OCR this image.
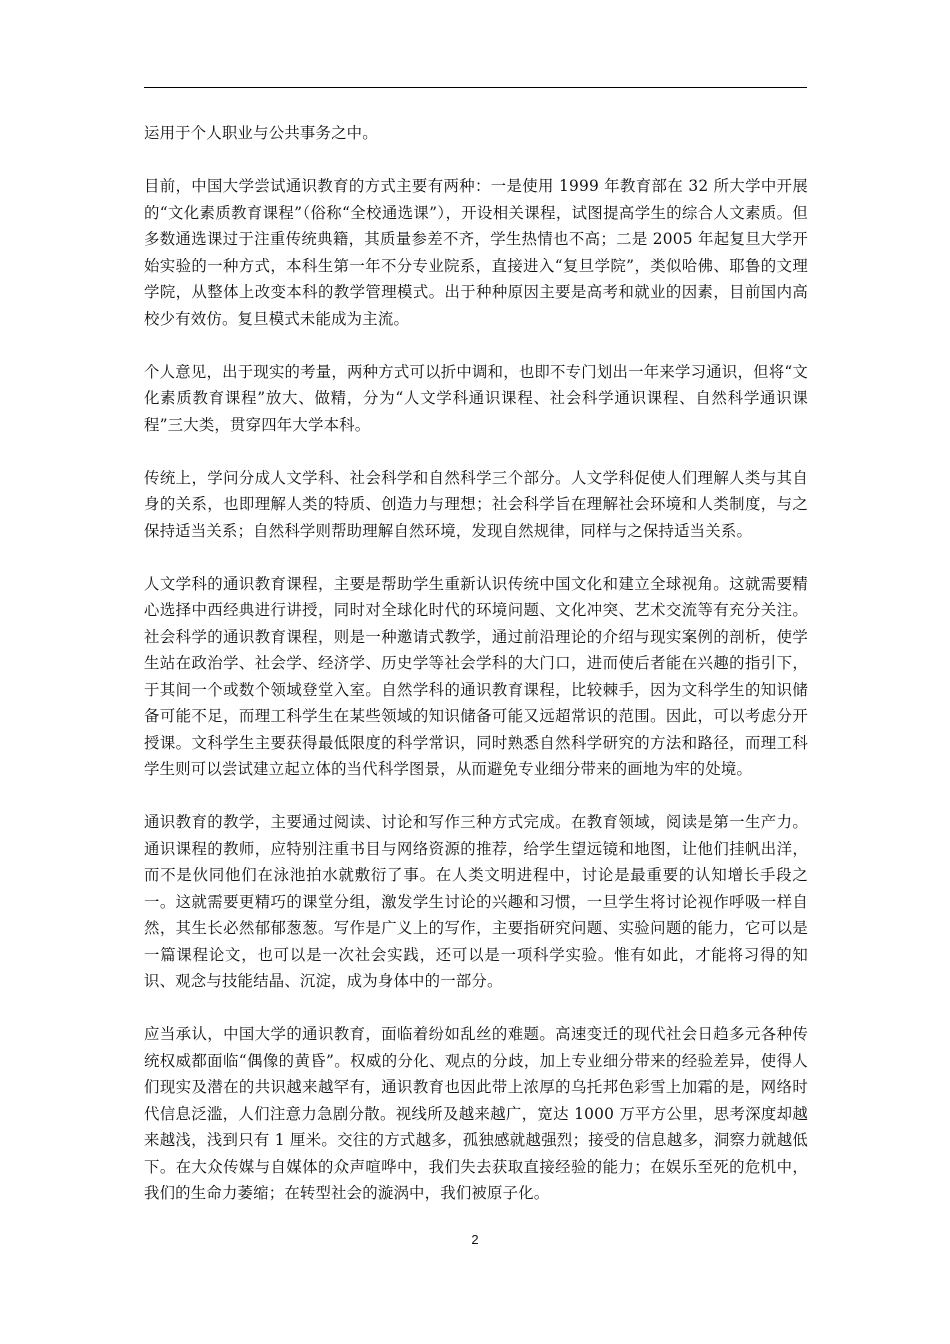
运用于个人职业与公共事务之中。

目前，中国大学尝试通识教育的方式主要有两种：一是使用 1999 年教育部在 32 所大学中开展的“文化素质教育课程”（俗称“全校通选课”），开设相关课程，试图提高学生的综合人文素质。但多数通选课过于注重传统典籍，其质量参差不齐，学生热情也不高；二是 2005 年起复旦大学开始实验的一种方式，本科生第一年不分专业院系，直接进入“复旦学院”，类似哈佛、耶鲁的文理学院，从整体上改变本科的教学管理模式。出于种种原因主要是高考和就业的因素，目前国内高校少有效仿。复旦模式未能成为主流。

个人意见，出于现实的考量，两种方式可以折中调和，也即不专门划出一年来学习通识，但将“文化素质教育课程”放大、做精，分为“人文学科通识课程、社会科学通识课程、自然科学通识课程”三大类，贯穿四年大学本科。

传统上，学问分成人文学科、社会科学和自然科学三个部分。人文学科促使人们理解人类与其自身的关系，也即理解人类的特质、创造力与理想；社会科学旨在理解社会环境和人类制度，与之保持适当关系；自然科学则帮助理解自然环境，发现自然规律，同样与之保持适当关系。

人文学科的通识教育课程，主要是帮助学生重新认识传统中国文化和建立全球视角。这就需要精心选择中西经典进行讲授，同时对全球化时代的环境问题、文化冲突、艺术交流等有充分关注。社会科学的通识教育课程，则是一种邀请式教学，通过前沿理论的介绍与现实案例的剖析，使学生站在政治学、社会学、经济学、历史学等社会学科的大门口，进而使后者能在兴趣的指引下，于其间一个或数个领域登堂入室。自然学科的通识教育课程，比较棘手，因为文科学生的知识储备可能不足，而理工科学生在某些领域的知识储备可能又远超常识的范围。因此，可以考虑分开授课。文科学生主要获得最低限度的科学常识，同时熟悉自然科学研究的方法和路径，而理工科学生则可以尝试建立起立体的当代科学图景，从而避免专业细分带来的画地为牢的处境。

通识教育的教学，主要通过阅读、讨论和写作三种方式完成。在教育领域，阅读是第一生产力。通识课程的教师，应特别注重书目与网络资源的推荐，给学生望远镜和地图，让他们挂帆出洋，而不是伙同他们在泳池拍水就敷衍了事。在人类文明进程中，讨论是最重要的认知增长手段之一。这就需要更精巧的课堂分组，激发学生讨论的兴趣和习惯，一旦学生将讨论视作呼吸一样自然，其生长必然郁郁葱葱。写作是广义上的写作，主要指研究问题、实验问题的能力，它可以是一篇课程论文，也可以是一次社会实践，还可以是一项科学实验。惟有如此，才能将习得的知识、观念与技能结晶、沉淀，成为身体中的一部分。

应当承认，中国大学的通识教育，面临着纷如乱丝的难题。高速变迁的现代社会日趋多元各种传统权威都面临“偶像的黄昏”。权威的分化、观点的分歧，加上专业细分带来的经验差异，使得人们现实及潜在的共识越来越罕有，通识教育也因此带上浓厚的乌托邦色彩雪上加霜的是，网络时代信息泛滥，人们注意力急剧分散。视线所及越来越广，宽达 1000 万平方公里，思考深度却越来越浅，浅到只有 1 厘米。交往的方式越多，孤独感就越强烈；接受的信息越多，洞察力就越低下。在大众传媒与自媒体的众声喧哗中，我们失去获取直接经验的能力；在娱乐至死的危机中，我们的生命力萎缩；在转型社会的漩涡中，我们被原子化。

2
